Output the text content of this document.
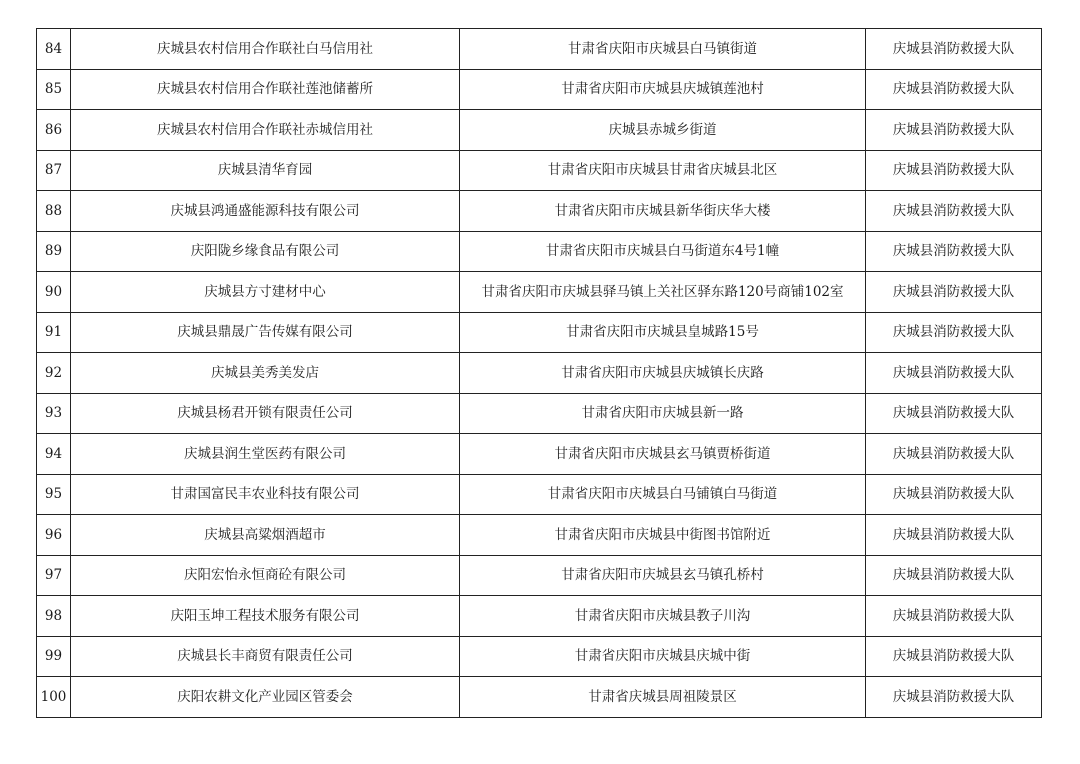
84	庆城县农村信用合作联社白马信用社	甘肃省庆阳市庆城县白马镇街道	庆城县消防救援大队
85	庆城县农村信用合作联社莲池储蓄所	甘肃省庆阳市庆城县庆城镇莲池村	庆城县消防救援大队
86	庆城县农村信用合作联社赤城信用社	庆城县赤城乡街道	庆城县消防救援大队
87	庆城县清华育园	甘肃省庆阳市庆城县甘肃省庆城县北区	庆城县消防救援大队
88	庆城县鸿通盛能源科技有限公司	甘肃省庆阳市庆城县新华街庆华大楼	庆城县消防救援大队
89	庆阳陇乡缘食品有限公司	甘肃省庆阳市庆城县白马街道东4号1幢	庆城县消防救援大队
90	庆城县方寸建材中心	甘肃省庆阳市庆城县驿马镇上关社区驿东路120号商铺102室	庆城县消防救援大队
91	庆城县鼎晟广告传媒有限公司	甘肃省庆阳市庆城县皇城路15号	庆城县消防救援大队
92	庆城县美秀美发店	甘肃省庆阳市庆城县庆城镇长庆路	庆城县消防救援大队
93	庆城县杨君开锁有限责任公司	甘肃省庆阳市庆城县新一路	庆城县消防救援大队
94	庆城县润生堂医药有限公司	甘肃省庆阳市庆城县玄马镇贾桥街道	庆城县消防救援大队
95	甘肃国富民丰农业科技有限公司	甘肃省庆阳市庆城县白马铺镇白马街道	庆城县消防救援大队
96	庆城县高粱烟酒超市	甘肃省庆阳市庆城县中街图书馆附近	庆城县消防救援大队
97	庆阳宏怡永恒商砼有限公司	甘肃省庆阳市庆城县玄马镇孔桥村	庆城县消防救援大队
98	庆阳玉坤工程技术服务有限公司	甘肃省庆阳市庆城县教子川沟	庆城县消防救援大队
99	庆城县长丰商贸有限责任公司	甘肃省庆阳市庆城县庆城中街	庆城县消防救援大队
100	庆阳农耕文化产业园区管委会	甘肃省庆城县周祖陵景区	庆城县消防救援大队
